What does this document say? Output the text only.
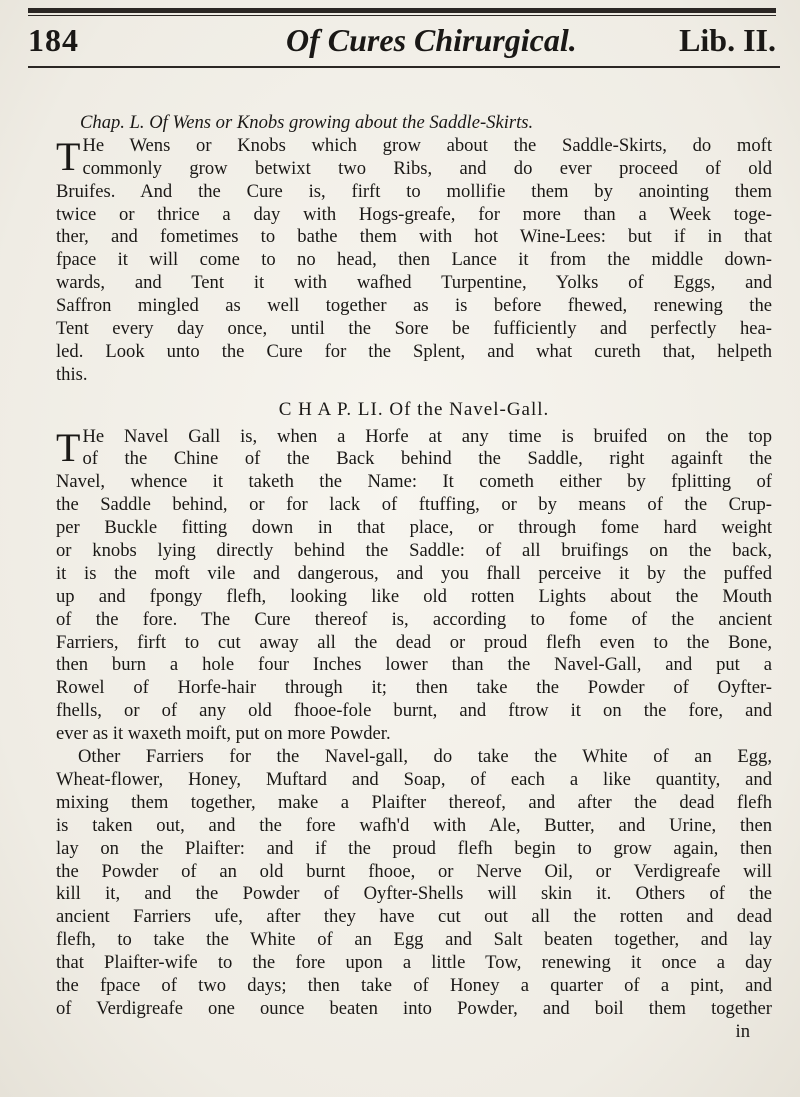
184	Of Cures Chirurgical.	Lib. II.
Chap. L. Of Wens or Knobs growing about the Saddle-Skirts.
T He Wens or Knobs which grow about the Saddle-Skirts, do moft
commonly grow betwixt two Ribs, and do ever proceed of old
Bruifes. And the Cure is, firft to mollifie them by anointing them
twice or thrice a day with Hogs-greafe, for more than a Week toge-
ther, and fometimes to bathe them with hot Wine-Lees: but if in that
fpace it will come to no head, then Lance it from the middle down-
wards, and Tent it with wafhed Turpentine, Yolks of Eggs, and
Saffron mingled as well together as is before fhewed, renewing the
Tent every day once, until the Sore be fufficiently and perfectly hea-
led. Look unto the Cure for the Splent, and what cureth that, helpeth
this.
C H A P. LI. Of the Navel-Gall.
T He Navel Gall is, when a Horfe at any time is bruifed on the top
of the Chine of the Back behind the Saddle, right againft the
Navel, whence it taketh the Name: It cometh either by fplitting of
the Saddle behind, or for lack of ftuffing, or by means of the Crup-
per Buckle fitting down in that place, or through fome hard weight
or knobs lying directly behind the Saddle: of all bruifings on the back,
it is the moft vile and dangerous, and you fhall perceive it by the puffed
up and fpongy flefh, looking like old rotten Lights about the Mouth
of the fore. The Cure thereof is, according to fome of the ancient
Farriers, firft to cut away all the dead or proud flefh even to the Bone,
then burn a hole four Inches lower than the Navel-Gall, and put a
Rowel of Horfe-hair through it; then take the Powder of Oyfter-
fhells, or of any old fhooe-fole burnt, and ftrow it on the fore, and
ever as it waxeth moift, put on more Powder.
Other Farriers for the Navel-gall, do take the White of an Egg,
Wheat-flower, Honey, Muftard and Soap, of each a like quantity, and
mixing them together, make a Plaifter thereof, and after the dead flefh
is taken out, and the fore wafh'd with Ale, Butter, and Urine, then
lay on the Plaifter: and if the proud flefh begin to grow again, then
the Powder of an old burnt fhooe, or Nerve Oil, or Verdigreafe will
kill it, and the Powder of Oyfter-Shells will skin it. Others of the
ancient Farriers ufe, after they have cut out all the rotten and dead
flefh, to take the White of an Egg and Salt beaten together, and lay
that Plaifter-wife to the fore upon a little Tow, renewing it once a day
the fpace of two days; then take of Honey a quarter of a pint, and
of Verdigreafe one ounce beaten into Powder, and boil them together
in
